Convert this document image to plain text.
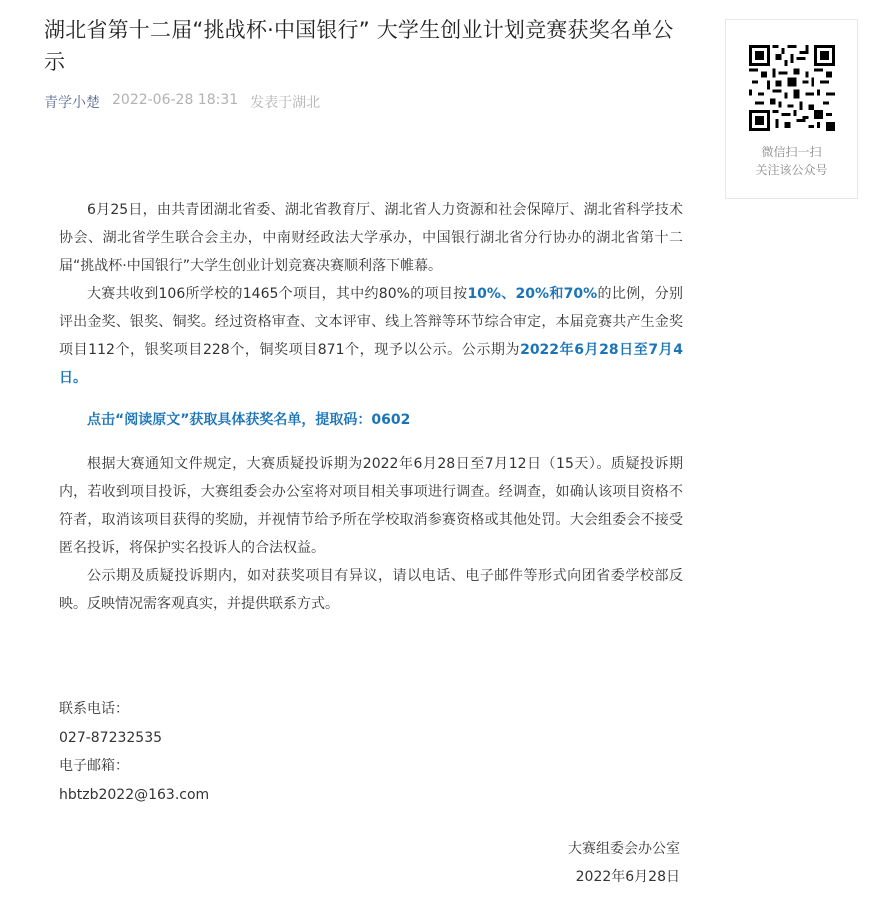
湖北省第十二届“挑战杯·中国银行” 大学生创业计划竞赛获奖名单公示
青学小楚 2022-06-28 18:31 发表于湖北

6月25日，由共青团湖北省委、湖北省教育厅、湖北省人力资源和社会保障厅、湖北省科学技术协会、湖北省学生联合会主办，中南财经政法大学承办，中国银行湖北省分行协办的湖北省第十二届“挑战杯·中国银行”大学生创业计划竞赛决赛顺利落下帷幕。

大赛共收到106所学校的1465个项目，其中约80%的项目按10%、20%和70%的比例，分别评出金奖、银奖、铜奖。经过资格审查、文本评审、线上答辩等环节综合审定，本届竞赛共产生金奖项目112个，银奖项目228个，铜奖项目871个，现予以公示。公示期为2022年6月28日至7月4日。

点击“阅读原文”获取具体获奖名单，提取码：0602

根据大赛通知文件规定，大赛质疑投诉期为2022年6月28日至7月12日（15天）。质疑投诉期内，若收到项目投诉，大赛组委会办公室将对项目相关事项进行调查。经调查，如确认该项目资格不符者，取消该项目获得的奖励，并视情节给予所在学校取消参赛资格或其他处罚。大会组委会不接受匿名投诉，将保护实名投诉人的合法权益。

公示期及质疑投诉期内，如对获奖项目有异议，请以电话、电子邮件等形式向团省委学校部反映。反映情况需客观真实，并提供联系方式。

联系电话：
027-87232535
电子邮箱：
hbtzb2022@163.com
大赛组委会办公室
2022年6月28日
微信扫一扫
关注该公众号
